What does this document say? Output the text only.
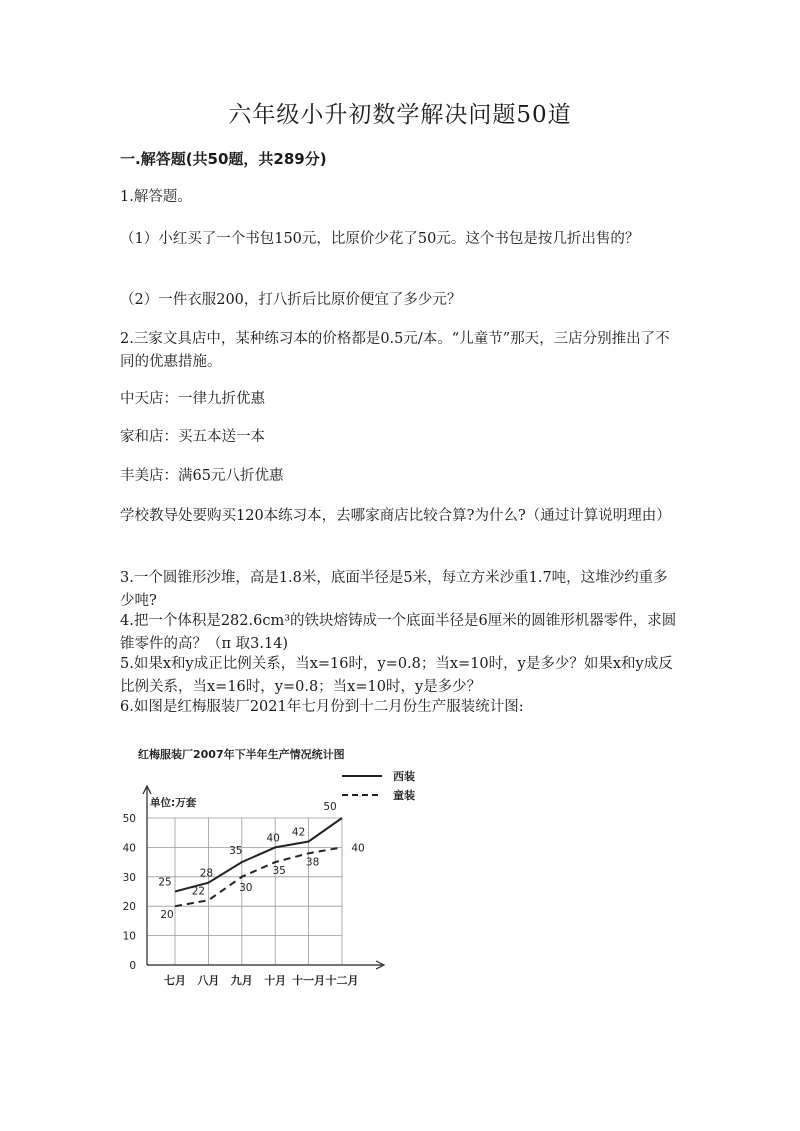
六年级小升初数学解决问题50道
一.解答题(共50题，共289分)
1.解答题。
（1）小红买了一个书包150元，比原价少花了50元。这个书包是按几折出售的？
（2）一件衣服200，打八折后比原价便宜了多少元？
2.三家文具店中，某种练习本的价格都是0.5元/本。“儿童节”那天，三店分别推出了不同的优惠措施。
中天店：一律九折优惠
家和店：买五本送一本
丰美店：满65元八折优惠
学校教导处要购买120本练习本，去哪家商店比较合算?为什么?（通过计算说明理由）
3.一个圆锥形沙堆，高是1.8米，底面半径是5米，每立方米沙重1.7吨，这堆沙约重多少吨?
4.把一个体积是282.6cm³的铁块熔铸成一个底面半径是6厘米的圆锥形机器零件，求圆锥零件的高？（π 取3.14)
5.如果x和y成正比例关系，当x=16时，y=0.8；当x=10时，y是多少？如果x和y成反比例关系，当x=16时，y=0.8；当x=10时，y是多少？
6.如图是红梅服装厂2021年七月份到十二月份生产服装统计图:
红梅服装厂2007年下半年生产情况统计图
单位:万套
0
10
20
30
40
50
七月 八月 九月 十月 十一月 十二月
西装
童装
25
28
35
40 42
50
20
22	30
35
38
40
